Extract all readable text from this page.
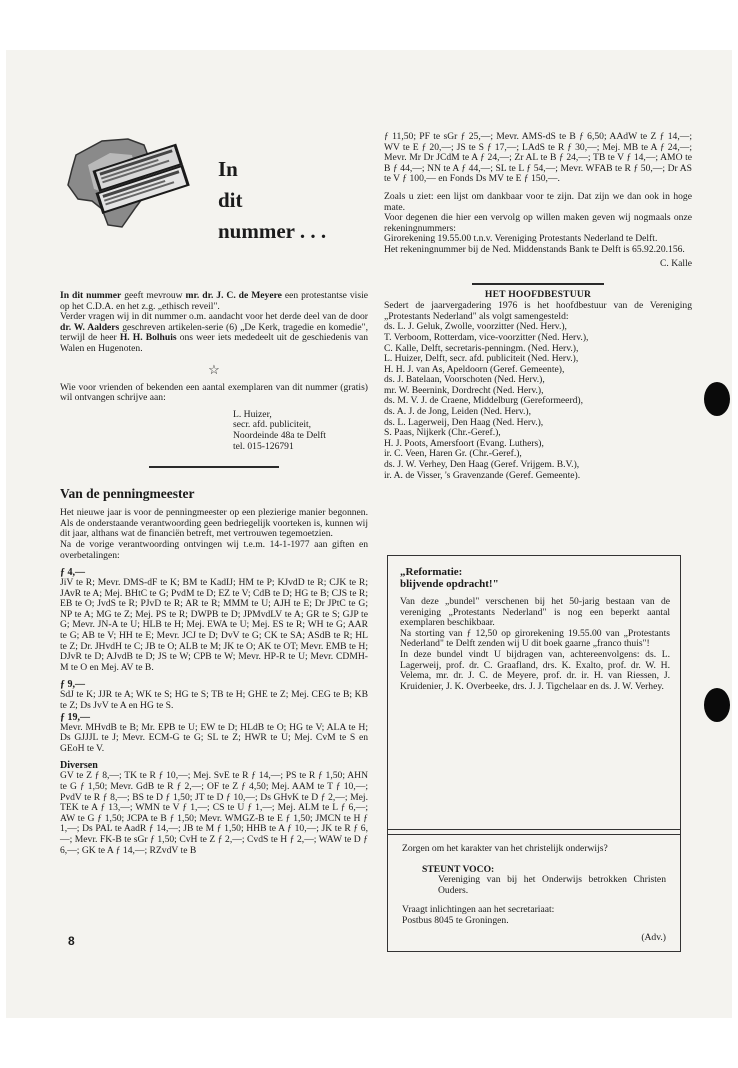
In
dit
nummer . . .

In dit nummer geeft mevrouw mr. dr. J. C. de Meyere een protestantse visie op het C.D.A. en het z.g. „ethisch reveil".

Verder vragen wij in dit nummer o.m. aandacht voor het derde deel van de door dr. W. Aalders geschreven artikelen-serie (6) „De Kerk, tragedie en komedie", terwijl de heer H. H. Bolhuis ons weer iets mededeelt uit de geschiedenis van Walen en Hugenoten.

☆

Wie voor vrienden of bekenden een aantal exemplaren van dit nummer (gratis) wil ontvangen schrijve aan:

L. Huizer,
secr. afd. publiciteit,
Noordeinde 48a te Delft
tel. 015-126791
Van de penningmeester

Het nieuwe jaar is voor de penningmeester op een plezierige manier begonnen. Als de onderstaande verantwoording geen bedriegelijk voorteken is, kunnen wij dit jaar, althans wat de financiën betreft, met vertrouwen tegemoetzien.

Na de vorige verantwoording ontvingen wij t.e.m. 14-1-1977 aan giften en overbetalingen:

ƒ 4,—

JiV te R; Mevr. DMS-dF te K; BM te KadIJ; HM te P; KJvdD te R; CJK te R; JAvR te A; Mej. BHtC te G; PvdM te D; EZ te V; CdB te D; HG te B; CJS te R; EB te O; JvdS te R; PJvD te R; AR te R; MMM te U; AJH te E; Dr JPtC te G; NP te A; MG te Z; Mej. PS te R; DWPB te D; JPMvdLV te A; GR te S; GJP te G; Mevr. JN-A te U; HLB te H; Mej. EWA te U; Mej. ES te R; WH te G; AAR te G; AB te V; HH te E; Mevr. JCJ te D; DvV te G; CK te SA; ASdB te R; HL te Z; Dr. JHvdH te C; JB te O; ALB te M; JK te O; AK te OT; Mevr. EMB te H; DJvR te D; AJvdB te D; JS te W; CPB te W; Mevr. HP-R te U; Mevr. CDMH-M te O en Mej. AV te B.

ƒ 9,—

SdJ te K; JJR te A; WK te S; HG te S; TB te H; GHE te Z; Mej. CEG te B; KB te Z; Ds JvV te A en HG te S.

ƒ 19,—

Mevr. MHvdB te B; Mr. EPB te U; EW te D; HLdB te O; HG te V; ALA te H; Ds GJJJL te J; Mevr. ECM-G te G; SL te Z; HWR te U; Mej. CvM te S en GEoH te V.

Diversen

GV te Z ƒ 8,—; TK te R ƒ 10,—; Mej. SvE te R ƒ 14,—; PS te R ƒ 1,50; AHN te G ƒ 1,50; Mevr. GdB te R ƒ 2,—; OF te Z ƒ 4,50; Mej. AAM te T ƒ 10,—; PvdV te R ƒ 8,—; BS te D ƒ 1,50; JT te D ƒ 10,—; Ds GHvK te D ƒ 2,—; Mej. TEK te A ƒ 13,—; WMN te V ƒ 1,—; CS te U ƒ 1,—; Mej. ALM te L ƒ 6,—; AW te G ƒ 1,50; JCPA te B ƒ 1,50; Mevr. WMGZ-B te E ƒ 1,50; JMCN te H ƒ 1,—; Ds PAL te AadR ƒ 14,—; JB te M ƒ 1,50; HHB te A ƒ 10,—; JK te R ƒ 6,—; Mevr. FK-B te sGr ƒ 1,50; CvH te Z ƒ 2,—; CvdS te H ƒ 2,—; WAW te D ƒ 6,—; GK te A ƒ 14,—; RZvdV te B

ƒ 11,50; PF te sGr ƒ 25,—; Mevr. AMS-dS te B ƒ 6,50; AAdW te Z ƒ 14,—; WV te E ƒ 20,—; JS te S ƒ 17,—; LAdS te R ƒ 30,—; Mej. MB te A ƒ 24,—; Mevr. Mr Dr JCdM te A ƒ 24,—; Zr AL te B ƒ 24,—; TB te V ƒ 14,—; AMO te B ƒ 44,—; NN te A ƒ 44,—; SL te L ƒ 54,—; Mevr. WFAB te R ƒ 50,—; Dr AS te V ƒ 100,— en Fonds Ds MV te E ƒ 150,—.

Zoals u ziet: een lijst om dankbaar voor te zijn. Dat zijn we dan ook in hoge mate.

Voor degenen die hier een vervolg op willen maken geven wij nogmaals onze rekeningnummers:

Girorekening 19.55.00 t.n.v. Vereniging Protestants Nederland te Delft.

Het rekeningnummer bij de Ned. Middenstands Bank te Delft is 65.92.20.156.

C. Kalle
HET HOOFDBESTUUR

Sedert de jaarvergadering 1976 is het hoofdbestuur van de Vereniging „Protestants Nederland" als volgt samengesteld:

ds. L. J. Geluk, Zwolle, voorzitter (Ned. Herv.),
T. Verboom, Rotterdam, vice-voorzitter (Ned. Herv.),
C. Kalle, Delft, secretaris-penningm. (Ned. Herv.),
L. Huizer, Delft, secr. afd. publiciteit (Ned. Herv.),
H. H. J. van As, Apeldoorn (Geref. Gemeente),
ds. J. Batelaan, Voorschoten (Ned. Herv.),
mr. W. Beernink, Dordrecht (Ned. Herv.),
ds. M. V. J. de Craene, Middelburg (Gereformeerd),
ds. A. J. de Jong, Leiden (Ned. Herv.),
ds. L. Lagerweij, Den Haag (Ned. Herv.),
S. Paas, Nijkerk (Chr.-Geref.),
H. J. Poots, Amersfoort (Evang. Luthers),
ir. C. Veen, Haren Gr. (Chr.-Geref.),
ds. J. W. Verhey, Den Haag (Geref. Vrijgem. B.V.),
ir. A. de Visser, 's Gravenzande (Geref. Gemeente).
„Reformatie:
blijvende opdracht!"

Van deze „bundel" verschenen bij het 50-jarig bestaan van de vereniging „Protestants Nederland" is nog een beperkt aantal exemplaren beschikbaar.

Na storting van ƒ 12,50 op girorekening 19.55.00 van „Protestants Nederland" te Delft zenden wij U dit boek gaarne „franco thuis"!

In deze bundel vindt U bijdragen van, achtereenvolgens: ds. L. Lagerweij, prof. dr. C. Graafland, drs. K. Exalto, prof. dr. W. H. Velema, mr. dr. J. C. de Meyere, prof. dr. ir. H. van Riessen, J. Kruidenier, J. K. Overbeeke, drs. J. J. Tigchelaar en ds. J. W. Verhey.

Zorgen om het karakter van het christelijk onderwijs?
STEUNT VOCO:
Vereniging van bij het Onderwijs betrokken Christen Ouders.
Vraagt inlichtingen aan het secretariaat:
Postbus 8045 te Groningen.
(Adv.)
8
